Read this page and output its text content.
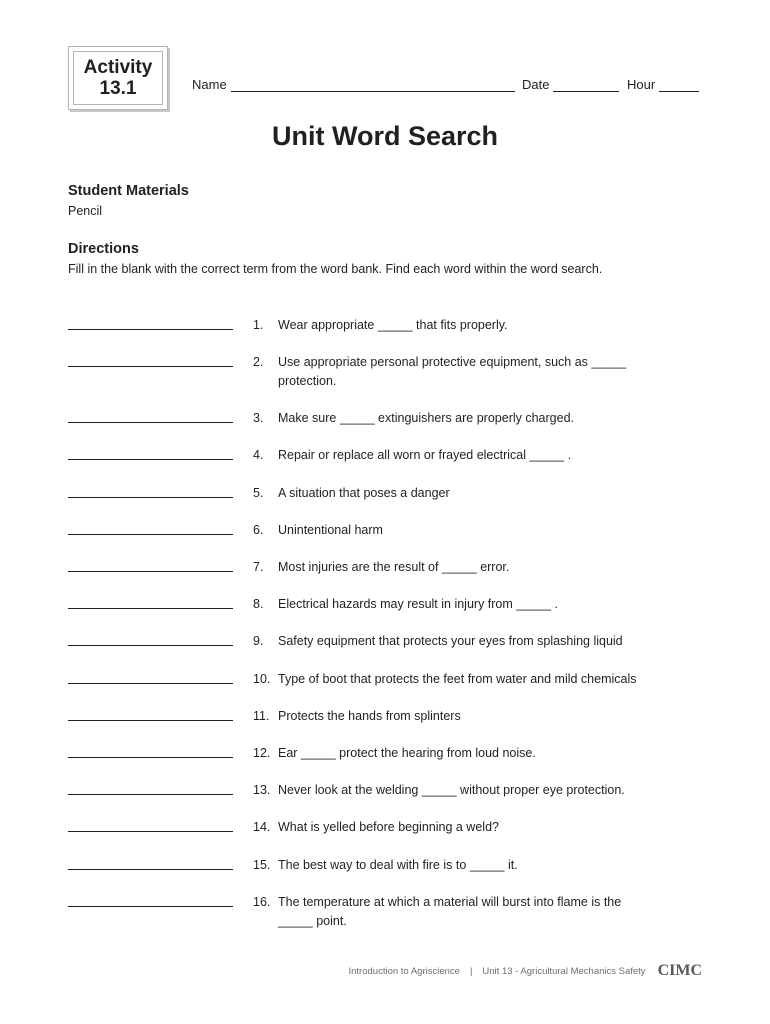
Activity
13.1	Name	Date	Hour
Unit Word Search
Student Materials
Pencil
Directions
Fill in the blank with the correct term from the word bank. Find each word within the word search.
1.	Wear appropriate _____ that fits properly.
2.	Use appropriate personal protective equipment, such as _____ protection.
3.	Make sure _____ extinguishers are properly charged.
4.	Repair or replace all worn or frayed electrical _____ .
5.	A situation that poses a danger
6.	Unintentional harm
7.	Most injuries are the result of _____ error.
8.	Electrical hazards may result in injury from _____ .
9.	Safety equipment that protects your eyes from splashing liquid
10. Type of boot that protects the feet from water and mild chemicals
11. Protects the hands from splinters
12. Ear _____ protect the hearing from loud noise.
13. Never look at the welding _____ without proper eye protection.
14. What is yelled before beginning a weld?
15. The best way to deal with fire is to _____ it.
16. The temperature at which a material will burst into flame is the _____ point.
Introduction to Agriscience | Unit 13 - Agricultural Mechanics Safety CIMC
